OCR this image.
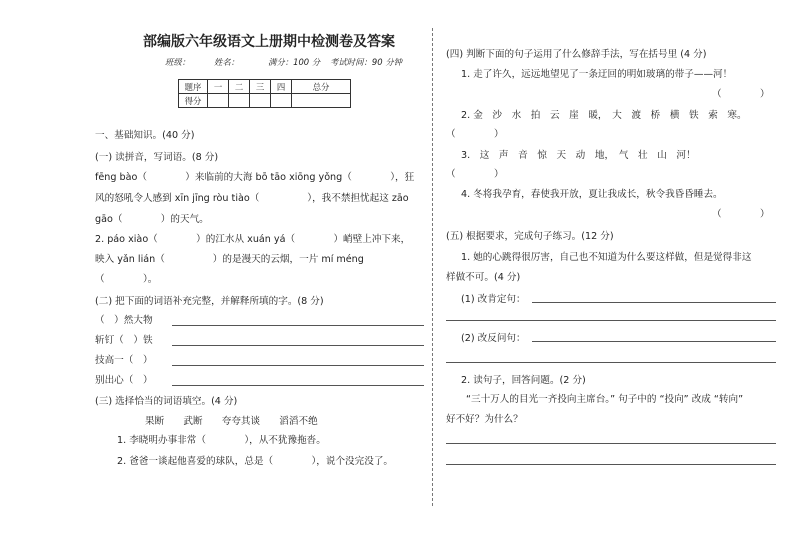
部编版六年级语文上册期中检测卷及答案
班级：	姓名：	满分：100 分 考试时间：90 分钟
题序	一	二	三	四	总分
得分					
一、基础知识。(40 分)
(一) 读拼音，写词语。(8 分)
fēng bào（　　　　）来临前的大海 bō tāo xiōng yǒng（　　　　），狂
风的怒吼令人感到 xīn jīng ròu tiào（　　　　　），我不禁担忧起这 zāo
gāo（　　　　）的天气。
2. páo xiào（　　　　）的江水从 xuán yá（　　　　）峭壁上冲下来，
映入 yǎn lián（　　　　　）的是漫天的云烟，一片 mí méng
（　　　　）。
(二) 把下面的词语补充完整，并解释所填的字。(8 分)
（　）然大物
斩钉（　）铁
技高一（　）
别出心（　）
(三) 选择恰当的词语填空。(4 分)
果断　　武断　　夸夸其谈　　滔滔不绝
1. 李晓明办事非常（　　　　），从不犹豫拖沓。
2. 爸爸一谈起他喜爱的球队，总是（　　　　），说个没完没了。
(四) 判断下面的句子运用了什么修辞手法，写在括号里 (4 分)
1. 走了许久，远远地望见了一条迂回的明如玻璃的带子——河！
（　　　　）
2. 金　沙　水　拍　云　崖　暖，　大　渡　桥　横　铁　索　寒。
（　　　　）
3.　这　声　音　惊　天　动　地，　气　壮　山　河！
（　　　　）
4. 冬将我孕育，春使我开放，夏让我成长，秋令我昏昏睡去。
（　　　　）
(五) 根据要求，完成句子练习。(12 分)
1. 她的心跳得很厉害，自己也不知道为什么要这样做，但是觉得非这
样做不可。(4 分)
(1) 改肯定句：
(2) 改反问句：
2. 读句子，回答问题。(2 分)
“三十万人的目光一齐投向主席台。” 句子中的 “投向” 改成 “转向”
好不好？为什么？
